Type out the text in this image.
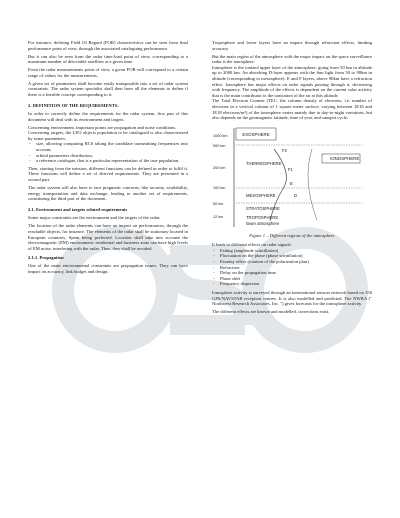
For instance, defining Field Of Regard (FOR) characteristics can be seen from final performance point of view, through the associated cataloguing performance.

But it can also be seen from the radar time-load point of view, corresponding to a maximum number of detectable satellites at a given time.

From the radar measurements point of view, a given FOR will correspond to a certain range of values for the measurements.

A given set of parameters shall become easily transposable into a set of radar system constraints. The radar system specialist shall then have all the elements to define if there is a feasible concept corresponding to it.

2. DEFINITION OF THE REQUIREMENTS.

In order to correctly define the requirements for the radar system, first part of this document will deal with its environment and targets.

Concerning environment, important points are propagation and noise conditions.

Concerning targets, the LEO objects population to be catalogued is also characterized by some parameters:

- size, allowing computing RCS taking the candidate transmitting frequencies into account,
- orbital parameters distribution,
- a reference catalogue, that is a particular representation of the true population.

Then, starting from the mission, different functions can be defined in order to fulfil it. These functions will define a set of derived requirements. They are presented in a second part.

The radar system will also have to face pragmatic concerns, like security, availability, energy transportation and data exchange, leading to another set of requirements, constituting the third part of the document.

2.1. Environment and targets related requirements

Some major constraints are the environment and the targets of the radar.

The location of the radar elements can have an impact on performances, through the reachable objects, for instance. The elements of the radar shall be stationary located in European countries, Spain being preferred. Location shall take into account the electromagnetic (EM) environment: residential and business zone can have high levels of EM noise, interfering with the radar. Thus, they shall be avoided.

2.1.1. Propagation

One of the main environmental constraints are propagation issues. They can have impact on accuracy, link budget and design.

Troposphere and lower layers have an impact through refraction effects, limiting accuracy.

But the main region of the atmosphere with the major impact on the space surveillance radar is the ionosphere.

Ionosphere is the ionized upper layer of the atmosphere, going from 50 km in altitude up to 2000 km. An absorbing D-layer appears with the Sun light from 50 to 90km in altitude (corresponding to mesosphere). E and F layers, above 90km have a refraction effect. Ionosphere has major effects on radar signals passing through it, decreasing with frequency. The amplitude of the effects is dependent on the current solar activity that is the main contributor to the ionization of the air at this altitude.

The Total Electron Content (TEC, the column density of electrons, i.e. number of electrons in a vertical column of 1 square meter surface, varying between 1E16 and 1E18 electrons/m²) of the ionosphere varies mainly due to day-to-night variations, but also depends on the geomagnetic latitude, time of year, and sunspot cycle.

EXOSPHERE
F2
IONOSPHERE
THERMOSPHERE
F1
E
D
MESOSPHERE
STRATOSPHERE
lower atmosphere
TROPOSPHERE
1000 km
500 km
200 km
100 km
50 km
12 km
Figure 1 – Different regions of the atmosphere

It leads to different effects on radar signals:

- Fading (amplitude scintillation)
- Fluctuation on the phase (phase scintillation)
- Faraday effect (rotation of the polarization plan)
- Refraction
- Delay on the propagation time
- Phase shift
- Frequency dispersion

Ionosphere activity is surveyed through an international sensors network based on 350 GPS/NAVSTAR reception centres. It is also modelled and predicted. The NWRA (" Northwest Research Associates, Inc. ") gives forecasts for the ionosphere activity.

The different effects are known and modelled, corrections exist.
